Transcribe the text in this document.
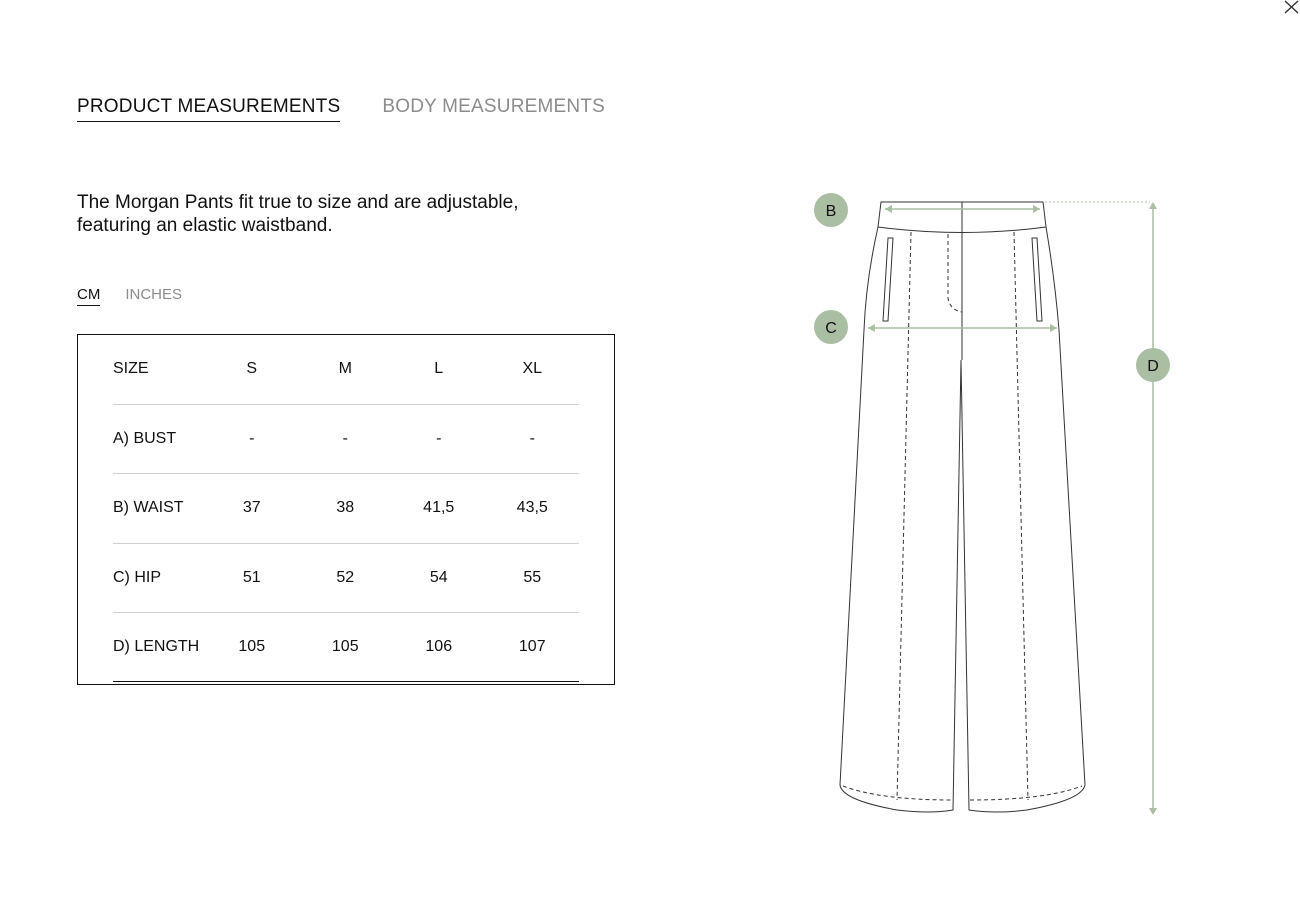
PRODUCT MEASUREMENTS BODY MEASUREMENTS

The Morgan Pants fit true to size and are adjustable, featuring an elastic waistband.

CM INCHES
SIZE	S	M	L	XL
A) BUST	-	-	-	-
B) WAIST	37	38	41,5	43,5
C) HIP	51	52	54	55
D) LENGTH	105	105	106	107
B
C
D
